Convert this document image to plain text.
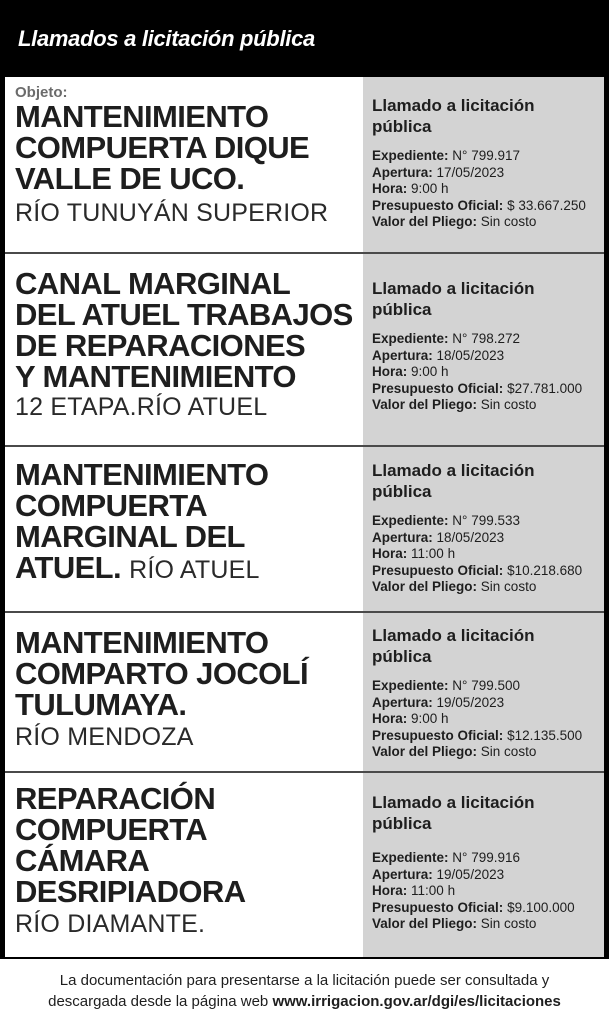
Llamados a licitación pública
Objeto:
MANTENIMIENTO
COMPUERTA DIQUE
VALLE DE UCO.
RÍO TUNUYÁN SUPERIOR
Llamado a licitación pública
Expediente: N° 799.917
Apertura: 17/05/2023
Hora: 9:00 h
Presupuesto Oficial: $ 33.667.250
Valor del Pliego: Sin costo
CANAL MARGINAL
DEL ATUEL TRABAJOS
DE REPARACIONES
Y MANTENIMIENTO
12 ETAPA.RÍO ATUEL
Llamado a licitación pública
Expediente: N° 798.272
Apertura: 18/05/2023
Hora: 9:00 h
Presupuesto Oficial: $27.781.000
Valor del Pliego: Sin costo
MANTENIMIENTO
COMPUERTA
MARGINAL DEL
ATUEL. RÍO ATUEL
Llamado a licitación pública
Expediente: N° 799.533
Apertura: 18/05/2023
Hora: 11:00 h
Presupuesto Oficial: $10.218.680
Valor del Pliego: Sin costo
MANTENIMIENTO
COMPARTO JOCOLÍ
TULUMAYA.
RÍO MENDOZA
Llamado a licitación pública
Expediente: N° 799.500
Apertura: 19/05/2023
Hora: 9:00 h
Presupuesto Oficial: $12.135.500
Valor del Pliego: Sin costo
REPARACIÓN
COMPUERTA
CÁMARA
DESRIPIADORA
RÍO DIAMANTE.
Llamado a licitación pública
Expediente: N° 799.916
Apertura: 19/05/2023
Hora: 11:00 h
Presupuesto Oficial: $9.100.000
Valor del Pliego: Sin costo
La documentación para presentarse a la licitación puede ser consultada y
descargada desde la página web www.irrigacion.gov.ar/dgi/es/licitaciones
